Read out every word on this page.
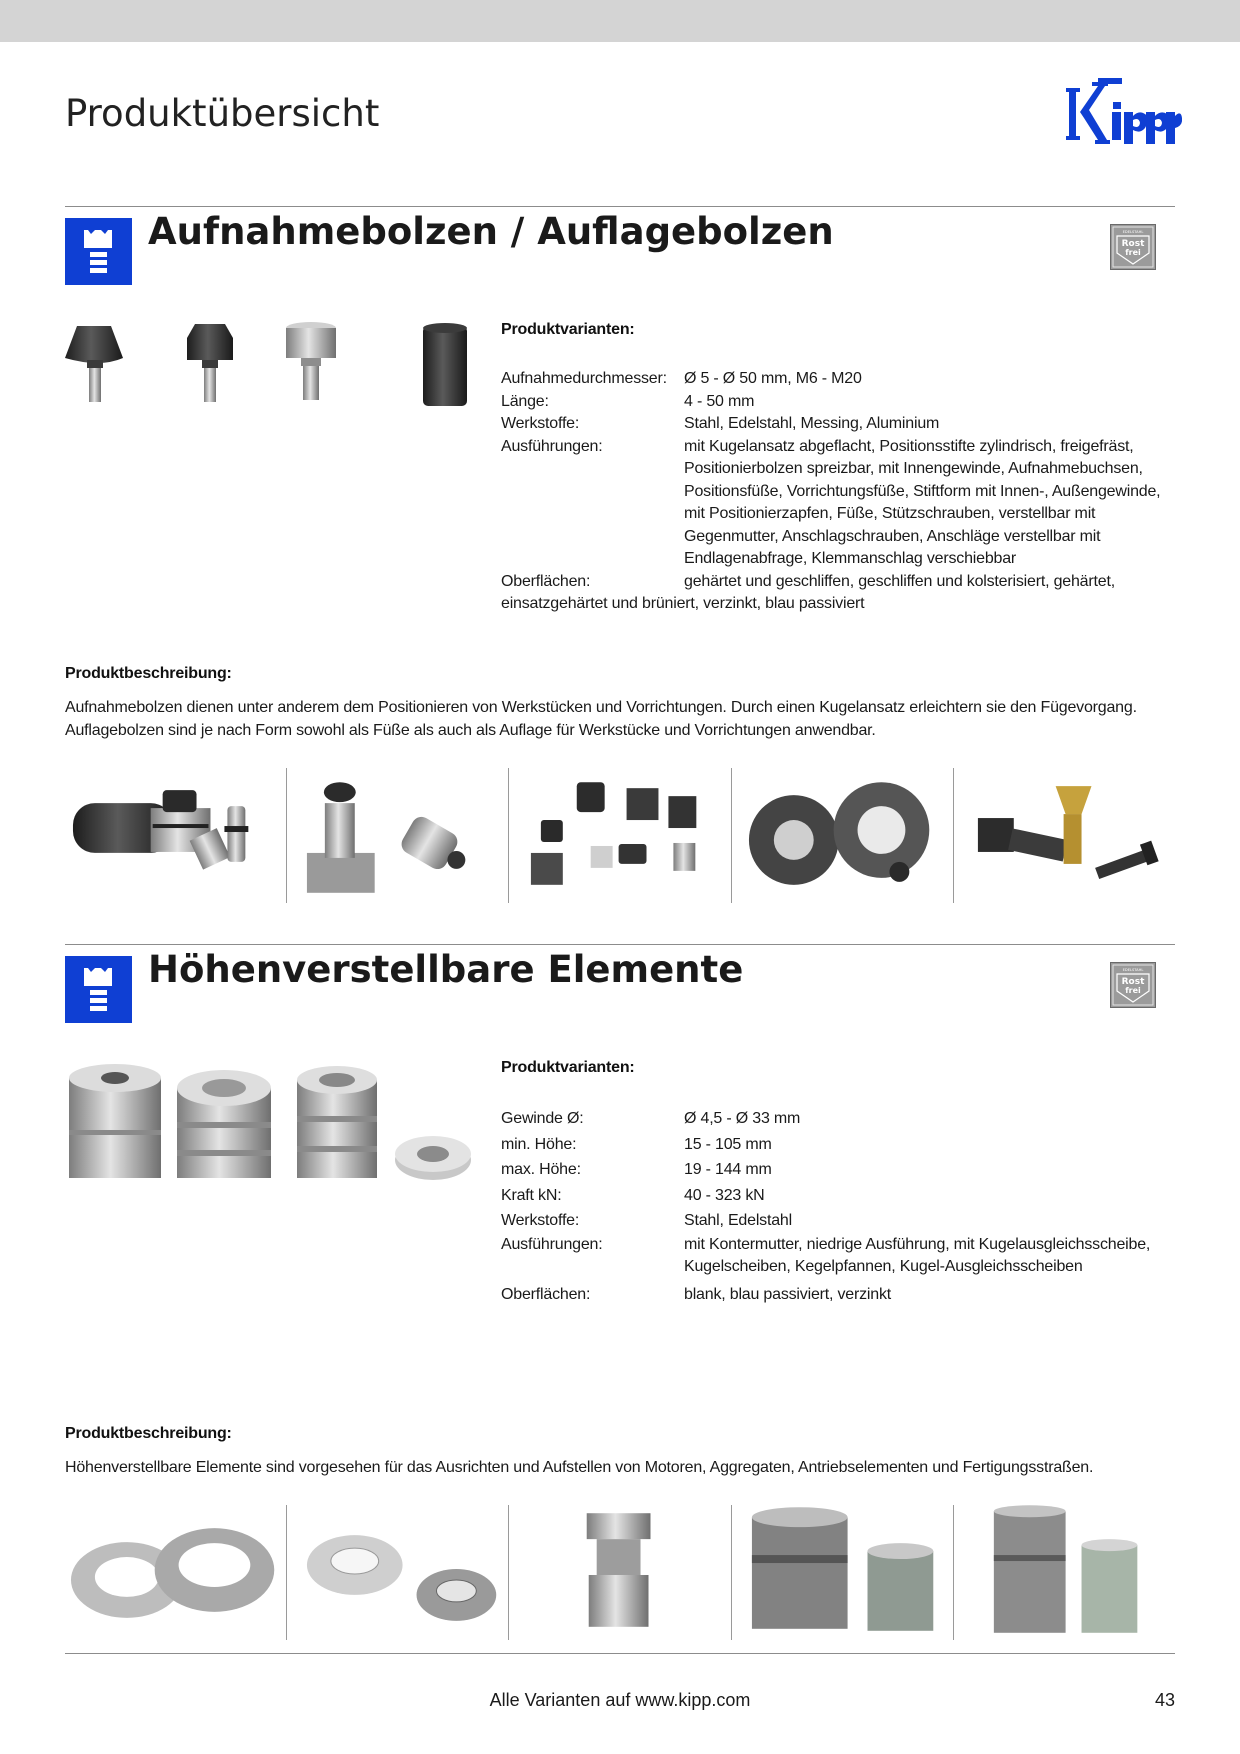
Produktübersicht
Aufnahmebolzen / Auflagebolzen	EDELSTAHL
Rost
frei
Produktvarianten:
Aufnahmedurchmesser:	Ø 5 - Ø 50 mm, M6 - M20
Länge:	4 - 50 mm
Werkstoffe:	Stahl, Edelstahl, Messing, Aluminium
Ausführungen:	mit Kugelansatz abgeflacht, Positionsstifte zylindrisch, freigefräst, Positionierbolzen spreizbar, mit Innengewinde, Aufnahmebuchsen, Positionsfüße, Vorrichtungsfüße, Stiftform mit Innen-, Außengewinde, mit Positionierzapfen, Füße, Stützschrauben, verstellbar mit Gegenmutter, Anschlagschrauben, Anschläge verstellbar mit Endlagenabfrage, Klemmanschlag verschiebbar
Oberflächen:	gehärtet und geschliffen, geschliffen und kolsterisiert, gehärtet,
einsatzgehärtet und brüniert, verzinkt, blau passiviert
Produktbeschreibung:

Aufnahmebolzen dienen unter anderem dem Positionieren von Werkstücken und Vorrichtungen. Durch einen Kugelansatz erleichtern sie den Fügevorgang. Auflagebolzen sind je nach Form sowohl als Füße als auch als Auflage für Werkstücke und Vorrichtungen anwendbar.

Höhenverstellbare Elemente	EDELSTAHL
Rost
frei
Produktvarianten:
Gewinde Ø:	Ø 4,5 - Ø 33 mm
min. Höhe:	15 - 105 mm
max. Höhe:	19 - 144 mm
Kraft kN:	40 - 323 kN
Werkstoffe:	Stahl, Edelstahl
Ausführungen:	mit Kontermutter, niedrige Ausführung, mit Kugelausgleichsscheibe, Kugelscheiben, Kegelpfannen, Kugel-Ausgleichsscheiben
Oberflächen:	blank, blau passiviert, verzinkt
Produktbeschreibung:

Höhenverstellbare Elemente sind vorgesehen für das Ausrichten und Aufstellen von Motoren, Aggregaten, Antriebselementen und Fertigungsstraßen.

Alle Varianten auf www.kipp.com	43
